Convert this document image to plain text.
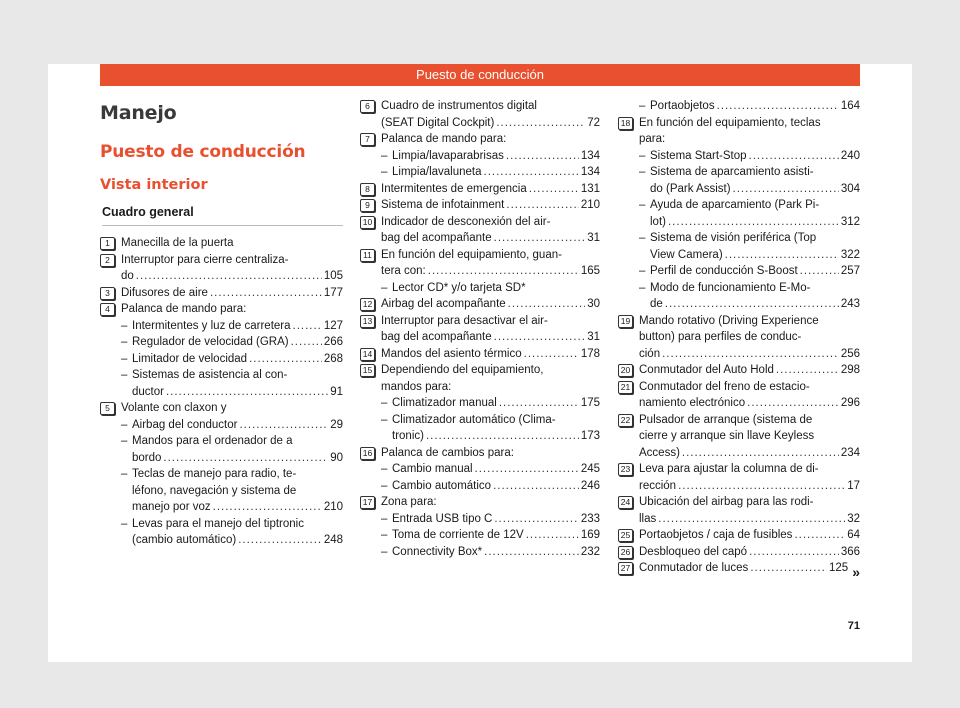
Puesto de conducción
Manejo
Puesto de conducción
Vista interior
Cuadro general
1 Manecilla de la puerta
2 Interruptor para cierre centraliza-
do .....	105
3 Difusores de aire .....	177
4 Palanca de mando para:
– Intermitentes y luz de carretera .....	127
– Regulador de velocidad (GRA) .....	266
– Limitador de velocidad .....	268
– Sistemas de asistencia al con-
ductor .....	91
5 Volante con claxon y
– Airbag del conductor .....	29
– Mandos para el ordenador de a
bordo .....	90
– Teclas de manejo para radio, te-
léfono, navegación y sistema de
manejo por voz .....	210
– Levas para el manejo del tiptronic
(cambio automático) .....	248
6 Cuadro de instrumentos digital
(SEAT Digital Cockpit) .....	72
7 Palanca de mando para:
– Limpia/lavaparabrisas .....	134
– Limpia/lavaluneta .....	134
8 Intermitentes de emergencia .....	131
9 Sistema de infotainment .....	210
10 Indicador de desconexión del air-
bag del acompañante .....	31
11 En función del equipamiento, guan-
tera con: .....	165
– Lector CD* y/o tarjeta SD*
12 Airbag del acompañante .....	30
13 Interruptor para desactivar el air-
bag del acompañante .....	31
14 Mandos del asiento térmico .....	178
15 Dependiendo del equipamiento,
mandos para:
– Climatizador manual .....	175
– Climatizador automático (Clima-
tronic) .....	173
16 Palanca de cambios para:
– Cambio manual .....	245
– Cambio automático .....	246
17 Zona para:
– Entrada USB tipo C .....	233
– Toma de corriente de 12V .....	169
– Connectivity Box* .....	232
– Portaobjetos .....	164
18 En función del equipamiento, teclas
para:
– Sistema Start-Stop .....	240
– Sistema de aparcamiento asisti-
do (Park Assist) .....	304
– Ayuda de aparcamiento (Park Pi-
lot) .....	312
– Sistema de visión periférica (Top
View Camera) .....	322
– Perfil de conducción S-Boost .....	257
– Modo de funcionamiento E-Mo-
de .....	243
19 Mando rotativo (Driving Experience
button) para perfiles de conduc-
ción .....	256
20 Conmutador del Auto Hold .....	298
21 Conmutador del freno de estacio-
namiento electrónico .....	296
22 Pulsador de arranque (sistema de
cierre y arranque sin llave Keyless
Access) .....	234
23 Leva para ajustar la columna de di-
rección .....	17
24 Ubicación del airbag para las rodi-
llas .....	32
25 Portaobjetos / caja de fusibles .....	64
26 Desbloqueo del capó .....	366
27 Conmutador de luces .....	125 »
71
